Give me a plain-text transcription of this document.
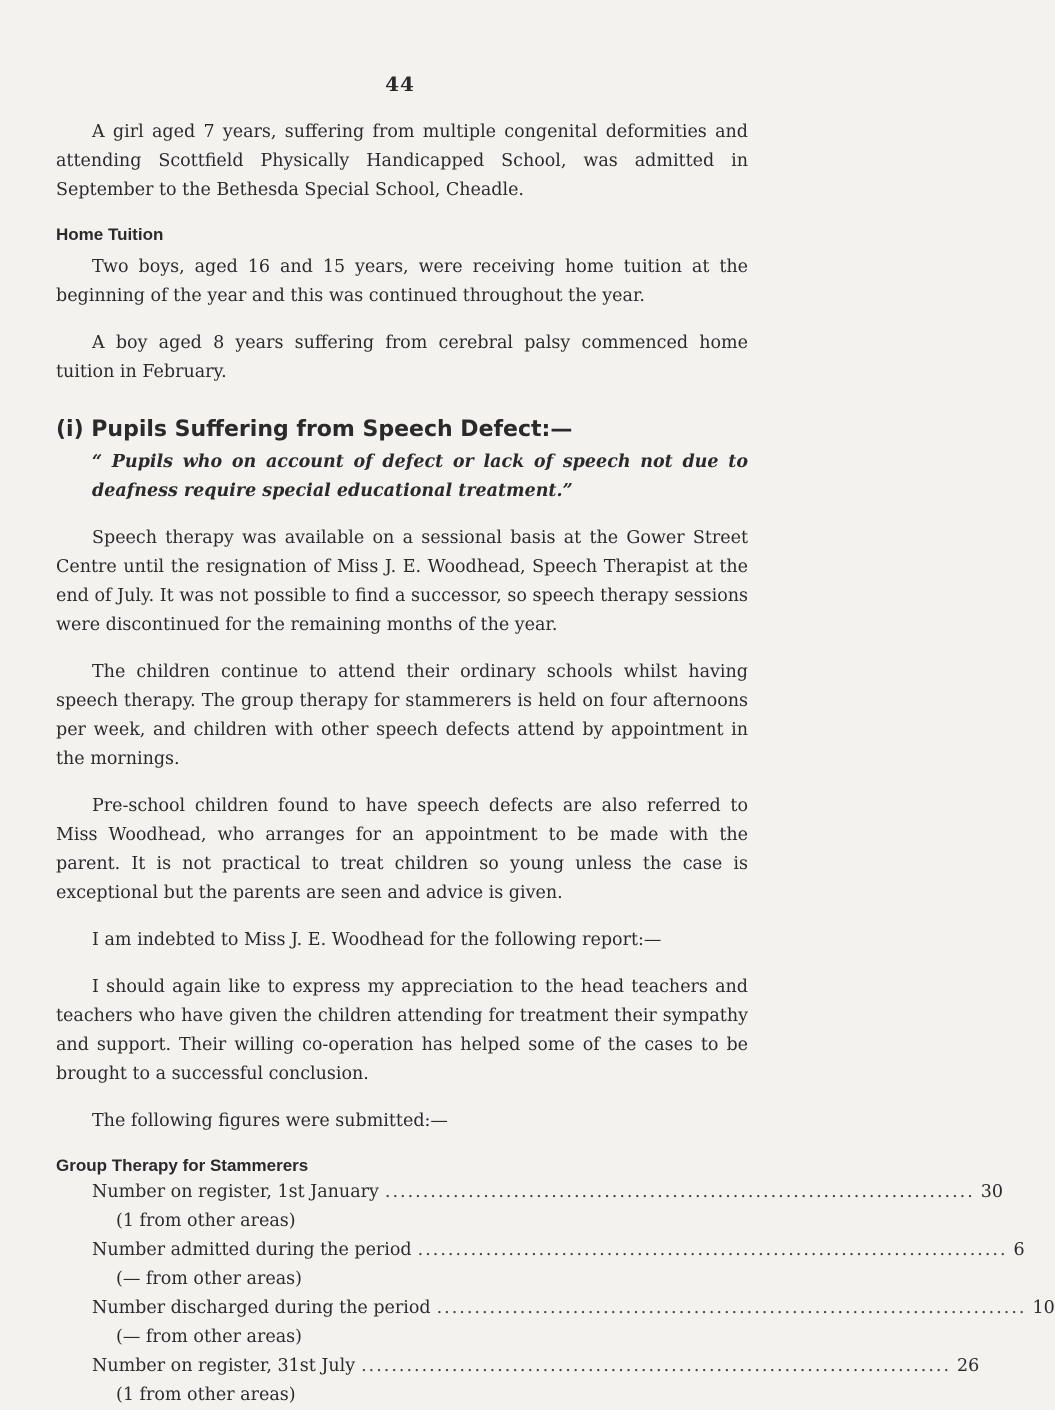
44

A girl aged 7 years, suffering from multiple congenital deformities and attending Scottfield Physically Handicapped School, was admitted in September to the Bethesda Special School, Cheadle.

Home Tuition

Two boys, aged 16 and 15 years, were receiving home tuition at the beginning of the year and this was continued throughout the year.

A boy aged 8 years suffering from cerebral palsy commenced home tuition in February.

(i) Pupils Suffering from Speech Defect:—
“ Pupils who on account of defect or lack of speech not due to deafness require special educational treatment.”

Speech therapy was available on a sessional basis at the Gower Street Centre until the resignation of Miss J. E. Woodhead, Speech Therapist at the end of July. It was not possible to find a successor, so speech therapy sessions were discontinued for the remaining months of the year.

The children continue to attend their ordinary schools whilst having speech therapy. The group therapy for stammerers is held on four afternoons per week, and children with other speech defects attend by appointment in the mornings.

Pre-school children found to have speech defects are also referred to Miss Woodhead, who arranges for an appointment to be made with the parent. It is not practical to treat children so young unless the case is exceptional but the parents are seen and advice is given.

I am indebted to Miss J. E. Woodhead for the following report:—

I should again like to express my appreciation to the head teachers and teachers who have given the children attending for treatment their sympathy and support. Their willing co-operation has helped some of the cases to be brought to a successful conclusion.

The following figures were submitted:—

Group Therapy for Stammerers
Number on register, 1st January .............................................................................. 30
(1 from other areas)
Number admitted during the period .............................................................................. 6
(— from other areas)
Number discharged during the period .............................................................................. 10
(— from other areas)
Number on register, 31st July .............................................................................. 26
(1 from other areas)
